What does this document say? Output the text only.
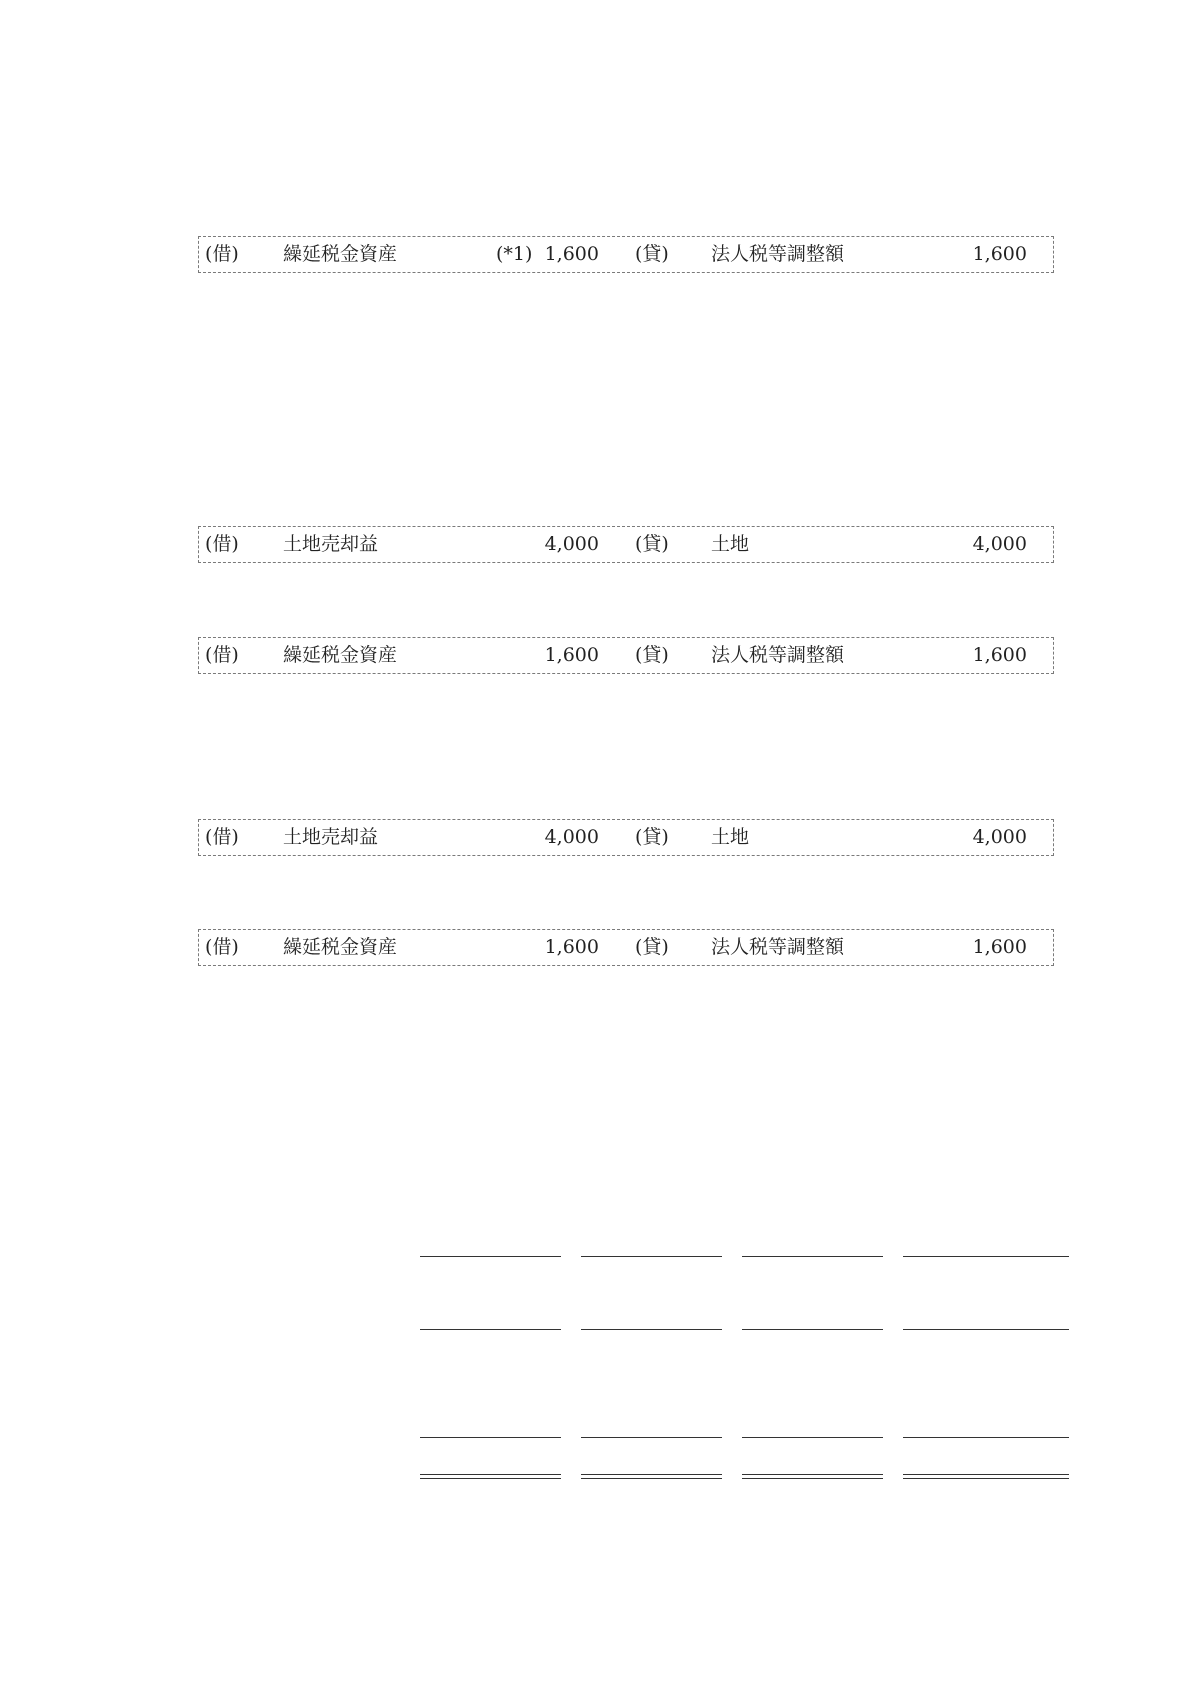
(借) 繰延税金資産	(*1) 1,600 (貸) 法人税等調整額	1,600
(借) 土地売却益	4,000 (貸) 土地	4,000
(借) 繰延税金資産	1,600 (貸) 法人税等調整額	1,600
(借) 土地売却益	4,000 (貸) 土地	4,000
(借) 繰延税金資産	1,600 (貸) 法人税等調整額	1,600
